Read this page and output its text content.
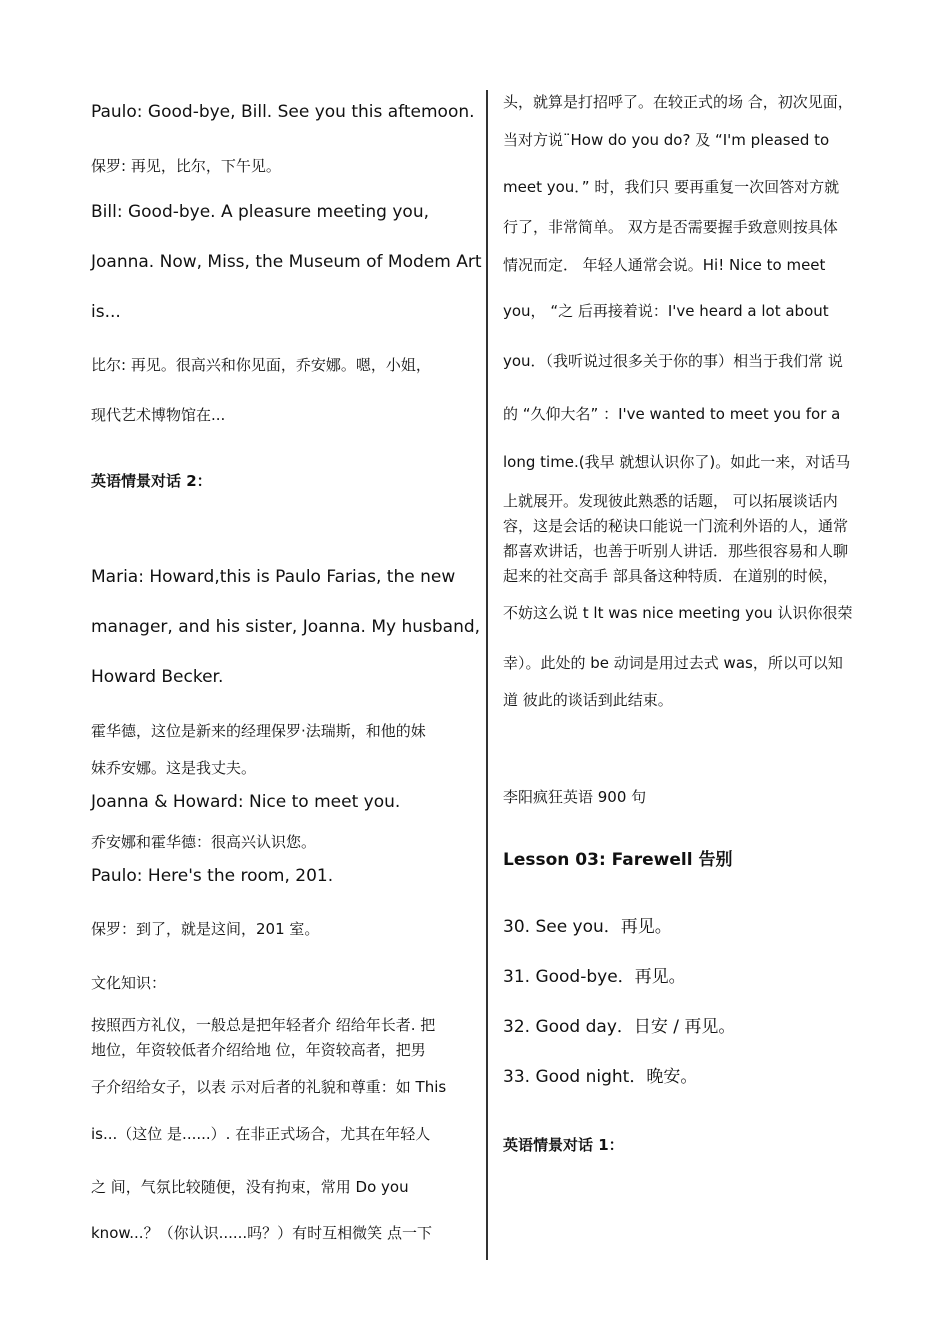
Paulo: Good-bye, Bill. See you this aftemoon.
保罗: 再见，比尔，下午见。
Bill: Good-bye. A pleasure meeting you,
Joanna. Now, Miss, the Museum of Modem Art
is...
比尔: 再见。很高兴和你见面，乔安娜。嗯，小姐，
现代艺术博物馆在...
英语情景对话 2：
Maria: Howard,this is Paulo Farias, the new
manager, and his sister, Joanna. My husband,
Howard Becker.
霍华德，这位是新来的经理保罗·法瑞斯，和他的妹
妹乔安娜。这是我丈夫。
Joanna & Howard: Nice to meet you.
乔安娜和霍华德：很高兴认识您。
Paulo: Here's the room, 201.
保罗：到了，就是这间，201 室。
文化知识：
按照西方礼仪，一般总是把年轻者介 绍给年长者. 把
地位，年资较低者介绍给地 位，年资较高者，把男
子介绍给女子，以表 示对后者的礼貌和尊重：如 This
is...（这位 是......）. 在非正式场合，尤其在年轻人
之 间，气氛比较随便，没有拘束，常用 Do you
know...？（你认识......吗？）有时互相微笑 点一下
头，就算是打招呼了。在较正式的场 合，初次见面，
当对方说¨How do you do? 及 “I'm pleased to
meet you．” 时，我们只 要再重复一次回答对方就
行了，非常简单。 双方是否需要握手致意则按具体
情况而定． 年轻人通常会说。Hi! Nice to meet
you， “之 后再接着说：I've heard a lot about
you．（我听说过很多关于你的事）相当于我们常 说
的 “久仰大名” ：I've wanted to meet you for a
long time.(我早 就想认识你了)。如此一来，对话马
上就展开。发现彼此熟悉的话题， 可以拓展谈话内
容，这是会话的秘诀口能说一门流利外语的人，通常
都喜欢讲话，也善于听别人讲话．那些很容易和人聊
起来的社交高手 部具备这种特质．在道别的时候，
不妨这么说 t lt was nice meeting you 认识你很荣
幸）。此处的 be 动词是用过去式 was，所以可以知
道 彼此的谈话到此结束。
李阳疯狂英语 900 句
Lesson 03: Farewell 告别
30. See you．再见。
31. Good-bye．再见。
32. Good day．日安 / 再见。
33. Good night．晚安。
英语情景对话 1：
